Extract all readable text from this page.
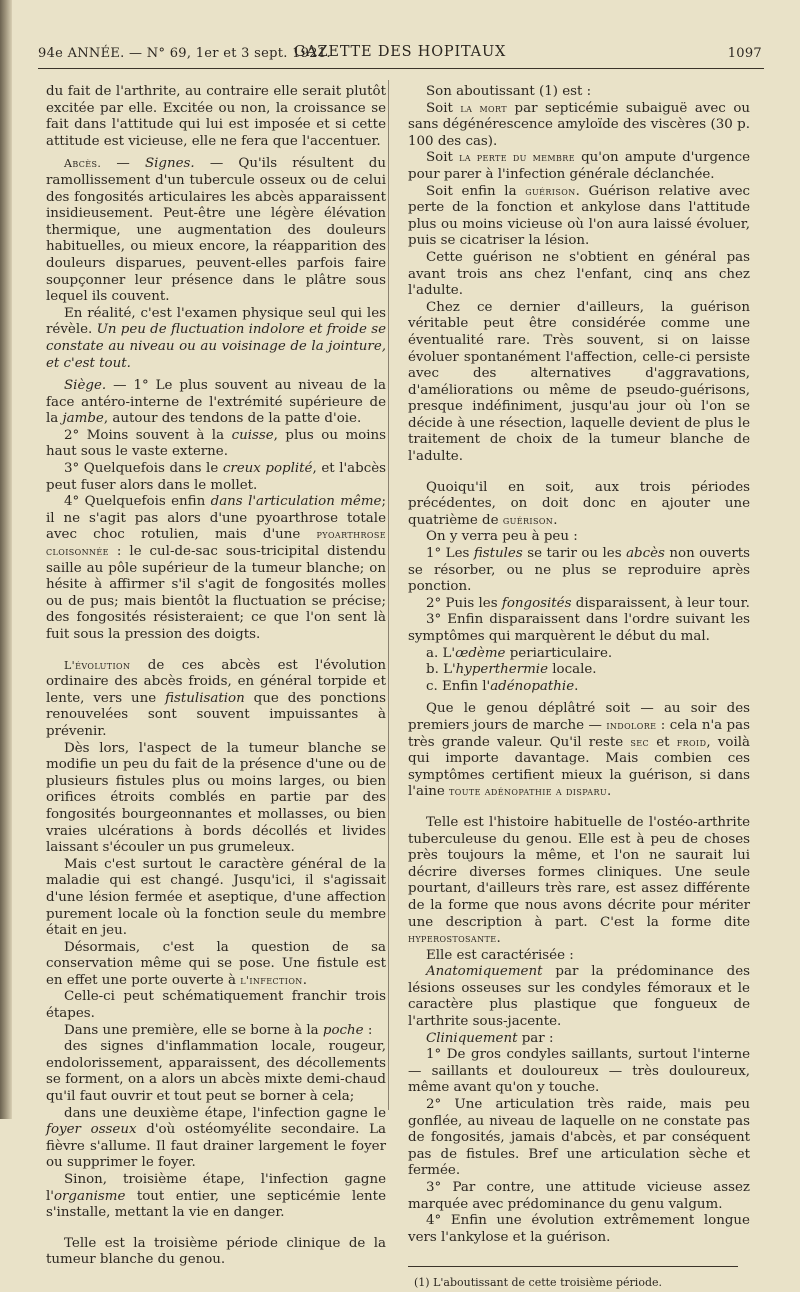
94e ANNÉE. — N° 69, 1er et 3 sept. 1921.
GAZETTE DES HOPITAUX	1097

du fait de l'arthrite, au contraire elle serait plutôt excitée par elle. Excitée ou non, la croissance se fait dans l'attitude qui lui est imposée et si cette attitude est vicieuse, elle ne fera que l'accentuer.

Abcès. — Signes. — Qu'ils résultent du ramollissement d'un tubercule osseux ou de celui des fongosités articulaires les abcès apparaissent insidieusement. Peut-être une légère élévation thermique, une augmentation des douleurs habituelles, ou mieux encore, la réapparition des douleurs disparues, peuvent-elles parfois faire soupçonner leur présence dans le plâtre sous lequel ils couvent.

En réalité, c'est l'examen physique seul qui les révèle. Un peu de fluctuation indolore et froide se constate au niveau ou au voisinage de la jointure, et c'est tout.

Siège. — 1° Le plus souvent au niveau de la face antéro-interne de l'extrémité supérieure de la jambe, autour des tendons de la patte d'oie.

2° Moins souvent à la cuisse, plus ou moins haut sous le vaste externe.

3° Quelquefois dans le creux poplité, et l'abcès peut fuser alors dans le mollet.

4° Quelquefois enfin dans l'articulation même; il ne s'agit pas alors d'une pyoarthrose totale avec choc rotulien, mais d'une pyoarthrose cloisonnée : le cul-de-sac sous-tricipital distendu saille au pôle supérieur de la tumeur blanche; on hésite à affirmer s'il s'agit de fongosités molles ou de pus; mais bientôt la fluctuation se précise; des fongosités résisteraient; ce que l'on sent là fuit sous la pression des doigts.

L'évolution de ces abcès est l'évolution ordinaire des abcès froids, en général torpide et lente, vers une fistulisation que des ponctions renouvelées sont souvent impuissantes à prévenir.

Dès lors, l'aspect de la tumeur blanche se modifie un peu du fait de la présence d'une ou de plusieurs fistules plus ou moins larges, ou bien orifices étroits comblés en partie par des fongosités bourgeonnantes et mollasses, ou bien vraies ulcérations à bords décollés et livides laissant s'écouler un pus grumeleux.

Mais c'est surtout le caractère général de la maladie qui est changé. Jusqu'ici, il s'agissait d'une lésion fermée et aseptique, d'une affection purement locale où la fonction seule du membre était en jeu.

Désormais, c'est la question de sa conservation même qui se pose. Une fistule est en effet une porte ouverte à l'infection.

Celle-ci peut schématiquement franchir trois étapes.

Dans une première, elle se borne à la poche :

des signes d'inflammation locale, rougeur, endolorissement, apparaissent, des décollements se forment, on a alors un abcès mixte demi-chaud qu'il faut ouvrir et tout peut se borner à cela;

dans une deuxième étape, l'infection gagne le foyer osseux d'où ostéomyélite secondaire. La fièvre s'allume. Il faut drainer largement le foyer ou supprimer le foyer.

Sinon, troisième étape, l'infection gagne l'organisme tout entier, une septicémie lente s'installe, mettant la vie en danger.

Telle est la troisième période clinique de la tumeur blanche du genou.

Son aboutissant (1) est :

Soit la mort par septicémie subaiguë avec ou sans dégénérescence amyloïde des viscères (30 p. 100 des cas).

Soit la perte du membre qu'on ampute d'urgence pour parer à l'infection générale déclanchée.

Soit enfin la guérison. Guérison relative avec perte de la fonction et ankylose dans l'attitude plus ou moins vicieuse où l'on aura laissé évoluer, puis se cicatriser la lésion.

Cette guérison ne s'obtient en général pas avant trois ans chez l'enfant, cinq ans chez l'adulte.

Chez ce dernier d'ailleurs, la guérison véritable peut être considérée comme une éventualité rare. Très souvent, si on laisse évoluer spontanément l'affection, celle-ci persiste avec des alternatives d'aggravations, d'améliorations ou même de pseudo-guérisons, presque indéfiniment, jusqu'au jour où l'on se décide à une résection, laquelle devient de plus le traitement de choix de la tumeur blanche de l'adulte.

Quoiqu'il en soit, aux trois périodes précédentes, on doit donc en ajouter une quatrième de guérison.

On y verra peu à peu :

1° Les fistules se tarir ou les abcès non ouverts se résorber, ou ne plus se reproduire après ponction.

2° Puis les fongosités disparaissent, à leur tour.

3° Enfin disparaissent dans l'ordre suivant les symptômes qui marquèrent le début du mal.

a. L'œdème periarticulaire.

b. L'hyperthermie locale.

c. Enfin l'adénopathie.

Que le genou déplâtré soit — au soir des premiers jours de marche — indolore : cela n'a pas très grande valeur. Qu'il reste sec et froid, voilà qui importe davantage. Mais combien ces symptômes certifient mieux la guérison, si dans l'aine toute adénopathie a disparu.

Telle est l'histoire habituelle de l'ostéo-arthrite tuberculeuse du genou. Elle est à peu de choses près toujours la même, et l'on ne saurait lui décrire diverses formes cliniques. Une seule pourtant, d'ailleurs très rare, est assez différente de la forme que nous avons décrite pour mériter une description à part. C'est la forme dite hyperostosante.

Elle est caractérisée :

Anatomiquement par la prédominance des lésions osseuses sur les condyles fémoraux et le caractère plus plastique que fongueux de l'arthrite sous-jacente.

Cliniquement par :

1° De gros condyles saillants, surtout l'interne — saillants et douloureux — très douloureux, même avant qu'on y touche.

2° Une articulation très raide, mais peu gonflée, au niveau de laquelle on ne constate pas de fongosités, jamais d'abcès, et par conséquent pas de fistules. Bref une articulation sèche et fermée.

3° Par contre, une attitude vicieuse assez marquée avec prédominance du genu valgum.

4° Enfin une évolution extrêmement longue vers l'ankylose et la guérison.

(1) L'aboutissant de cette troisième période.
